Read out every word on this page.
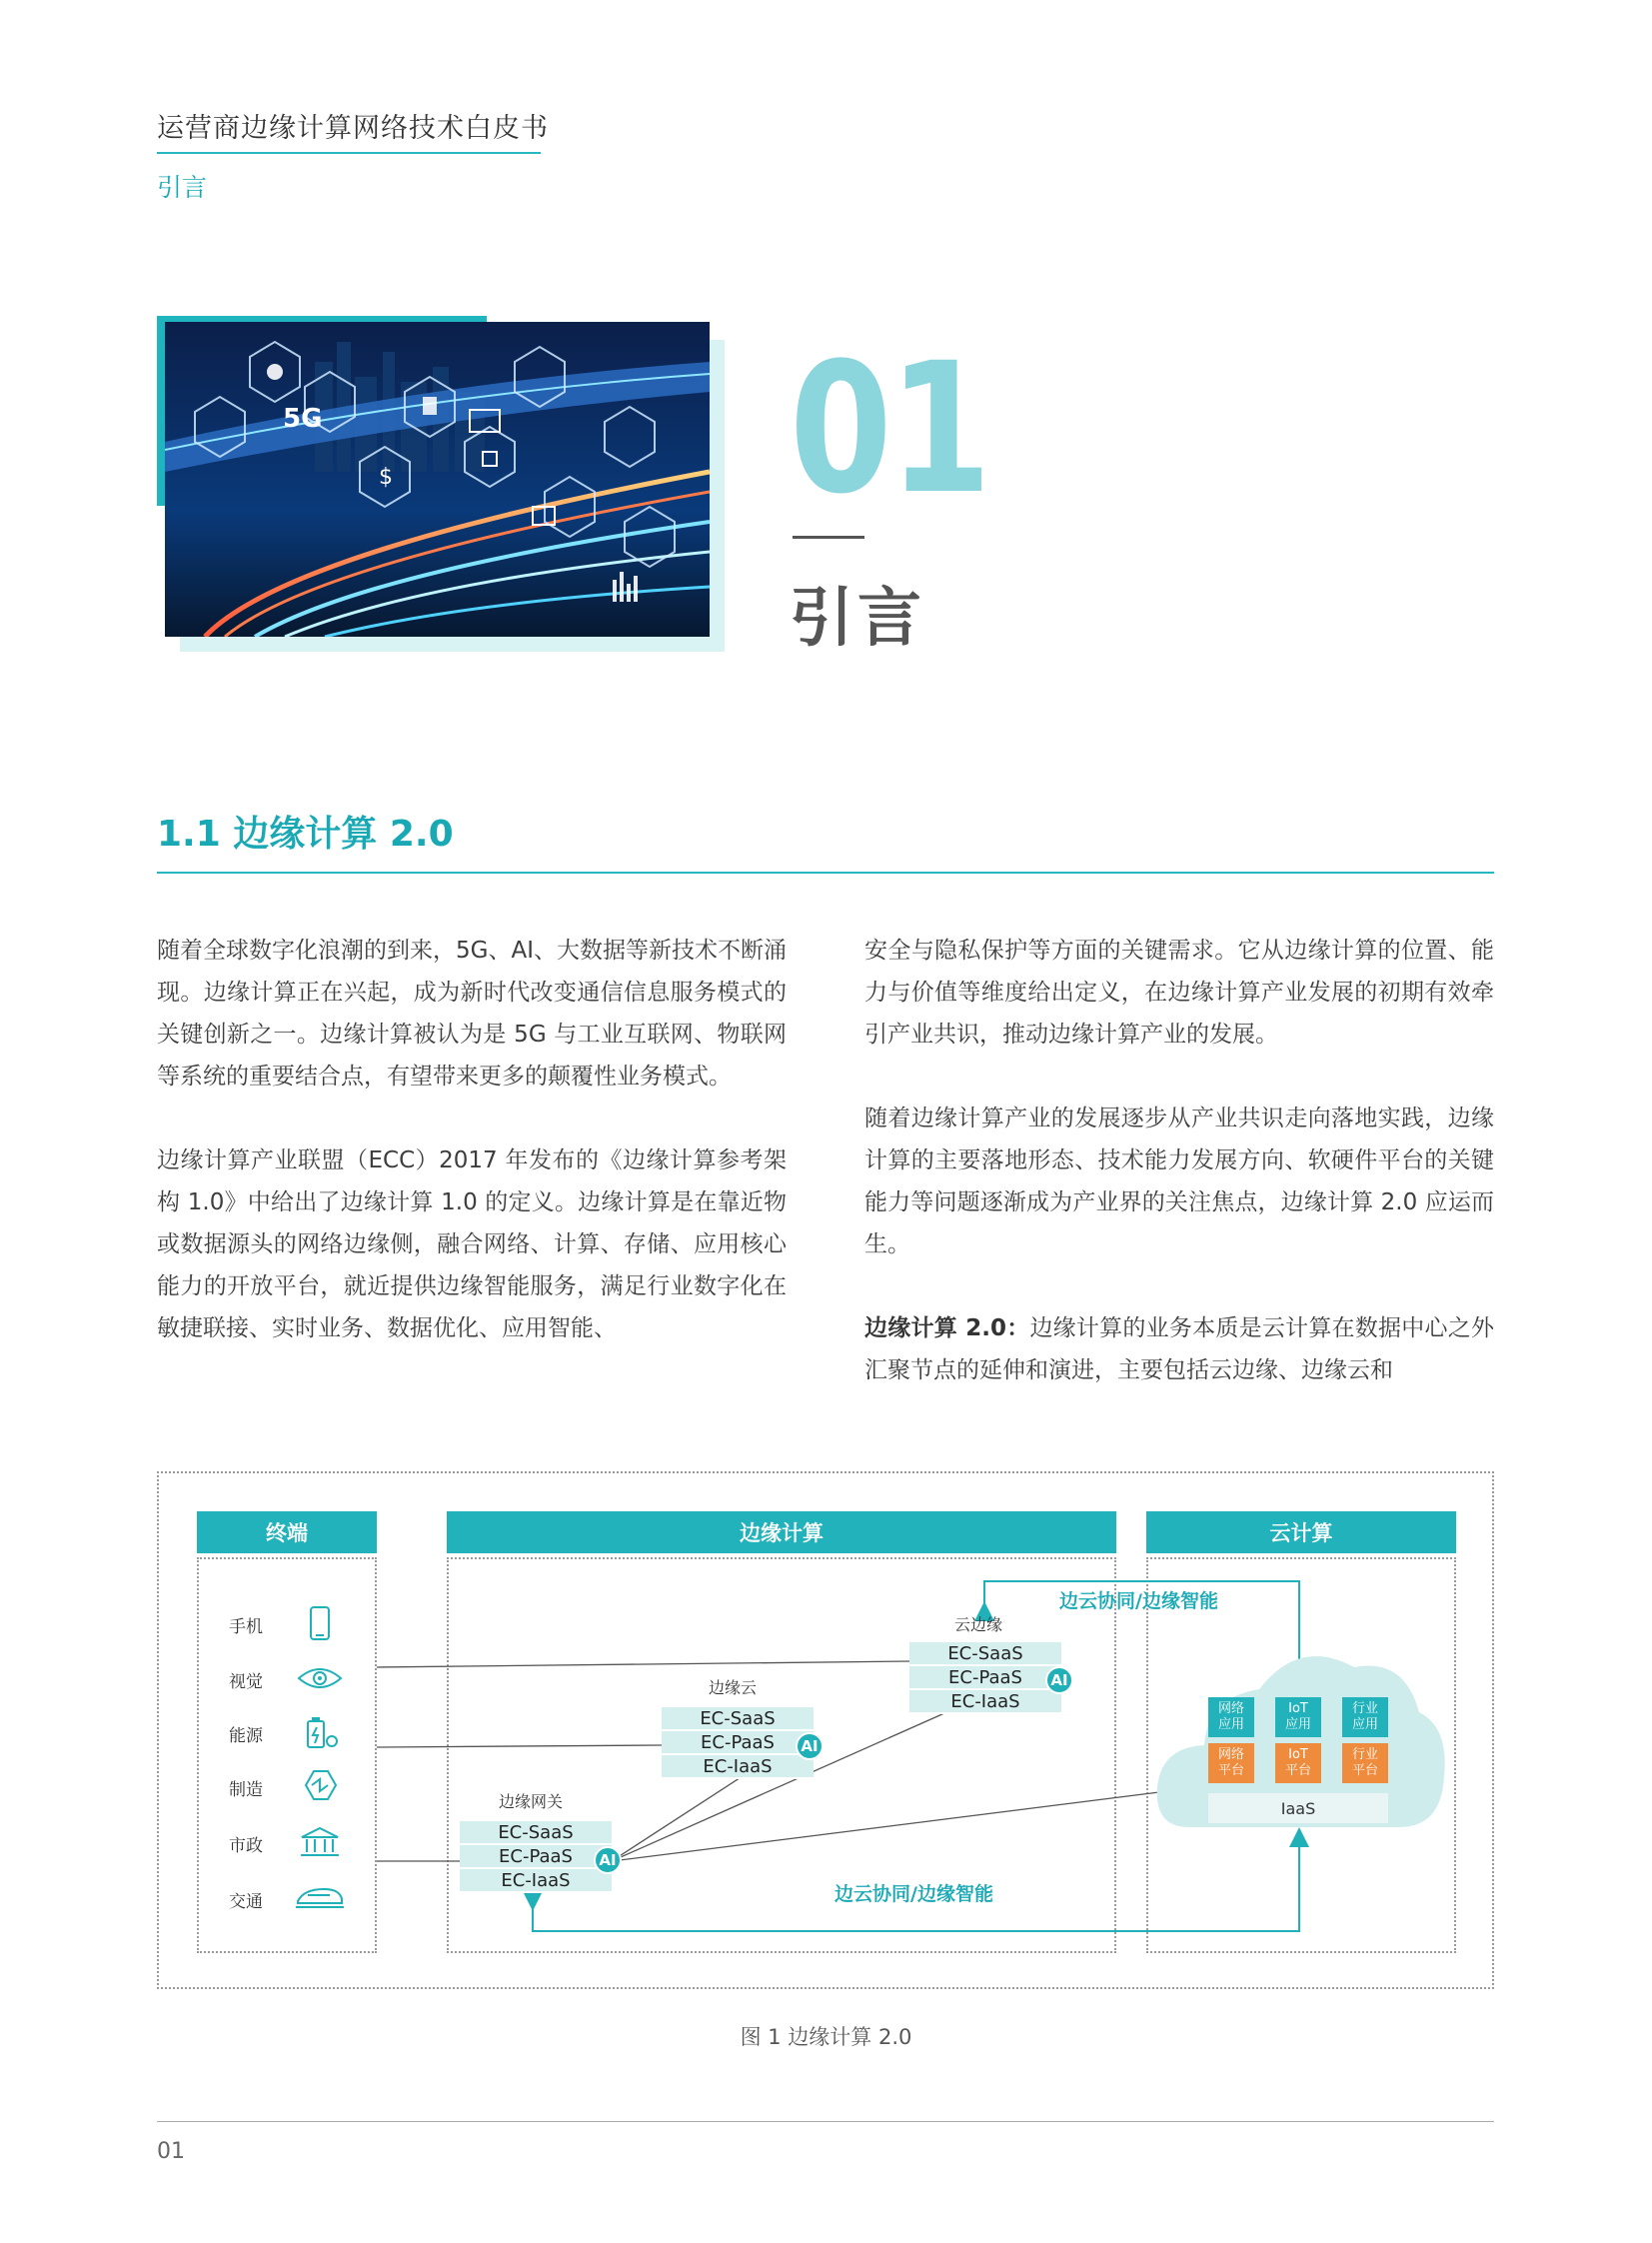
运营商边缘计算网络技术白皮书
引言
5G
$ 01
引言
1.1 边缘计算 2.0

随着全球数字化浪潮的到来，5G、AI、大数据等新技术不断涌现。边缘计算正在兴起，成为新时代改变通信信息服务模式的关键创新之一。边缘计算被认为是 5G 与工业互联网、物联网等系统的重要结合点，有望带来更多的颠覆性业务模式。

边缘计算产业联盟（ECC）2017 年发布的《边缘计算参考架构 1.0》中给出了边缘计算 1.0 的定义。边缘计算是在靠近物或数据源头的网络边缘侧，融合网络、计算、存储、应用核心能力的开放平台，就近提供边缘智能服务，满足行业数字化在敏捷联接、实时业务、数据优化、应用智能、

安全与隐私保护等方面的关键需求。它从边缘计算的位置、能力与价值等维度给出定义，在边缘计算产业发展的初期有效牵引产业共识，推动边缘计算产业的发展。

随着边缘计算产业的发展逐步从产业共识走向落地实践，边缘计算的主要落地形态、技术能力发展方向、软硬件平台的关键能力等问题逐渐成为产业界的关注焦点，边缘计算 2.0 应运而生。

边缘计算 2.0：边缘计算的业务本质是云计算在数据中心之外汇聚节点的延伸和演进，主要包括云边缘、边缘云和

终端	边缘计算	云计算
手机
视觉
能源
制造
市政
交通
云边缘
EC-SaaS
EC-PaaS
EC-IaaS
AI
边缘云
EC-SaaS
EC-PaaS
EC-IaaS
AI
边缘网关
EC-SaaS
EC-PaaS
EC-IaaS
AI
边云协同/边缘智能
边云协同/边缘智能
网络
应用
IoT
应用
行业
应用
网络
平台
IoT
平台
行业
平台
IaaS
图 1 边缘计算 2.0
01
